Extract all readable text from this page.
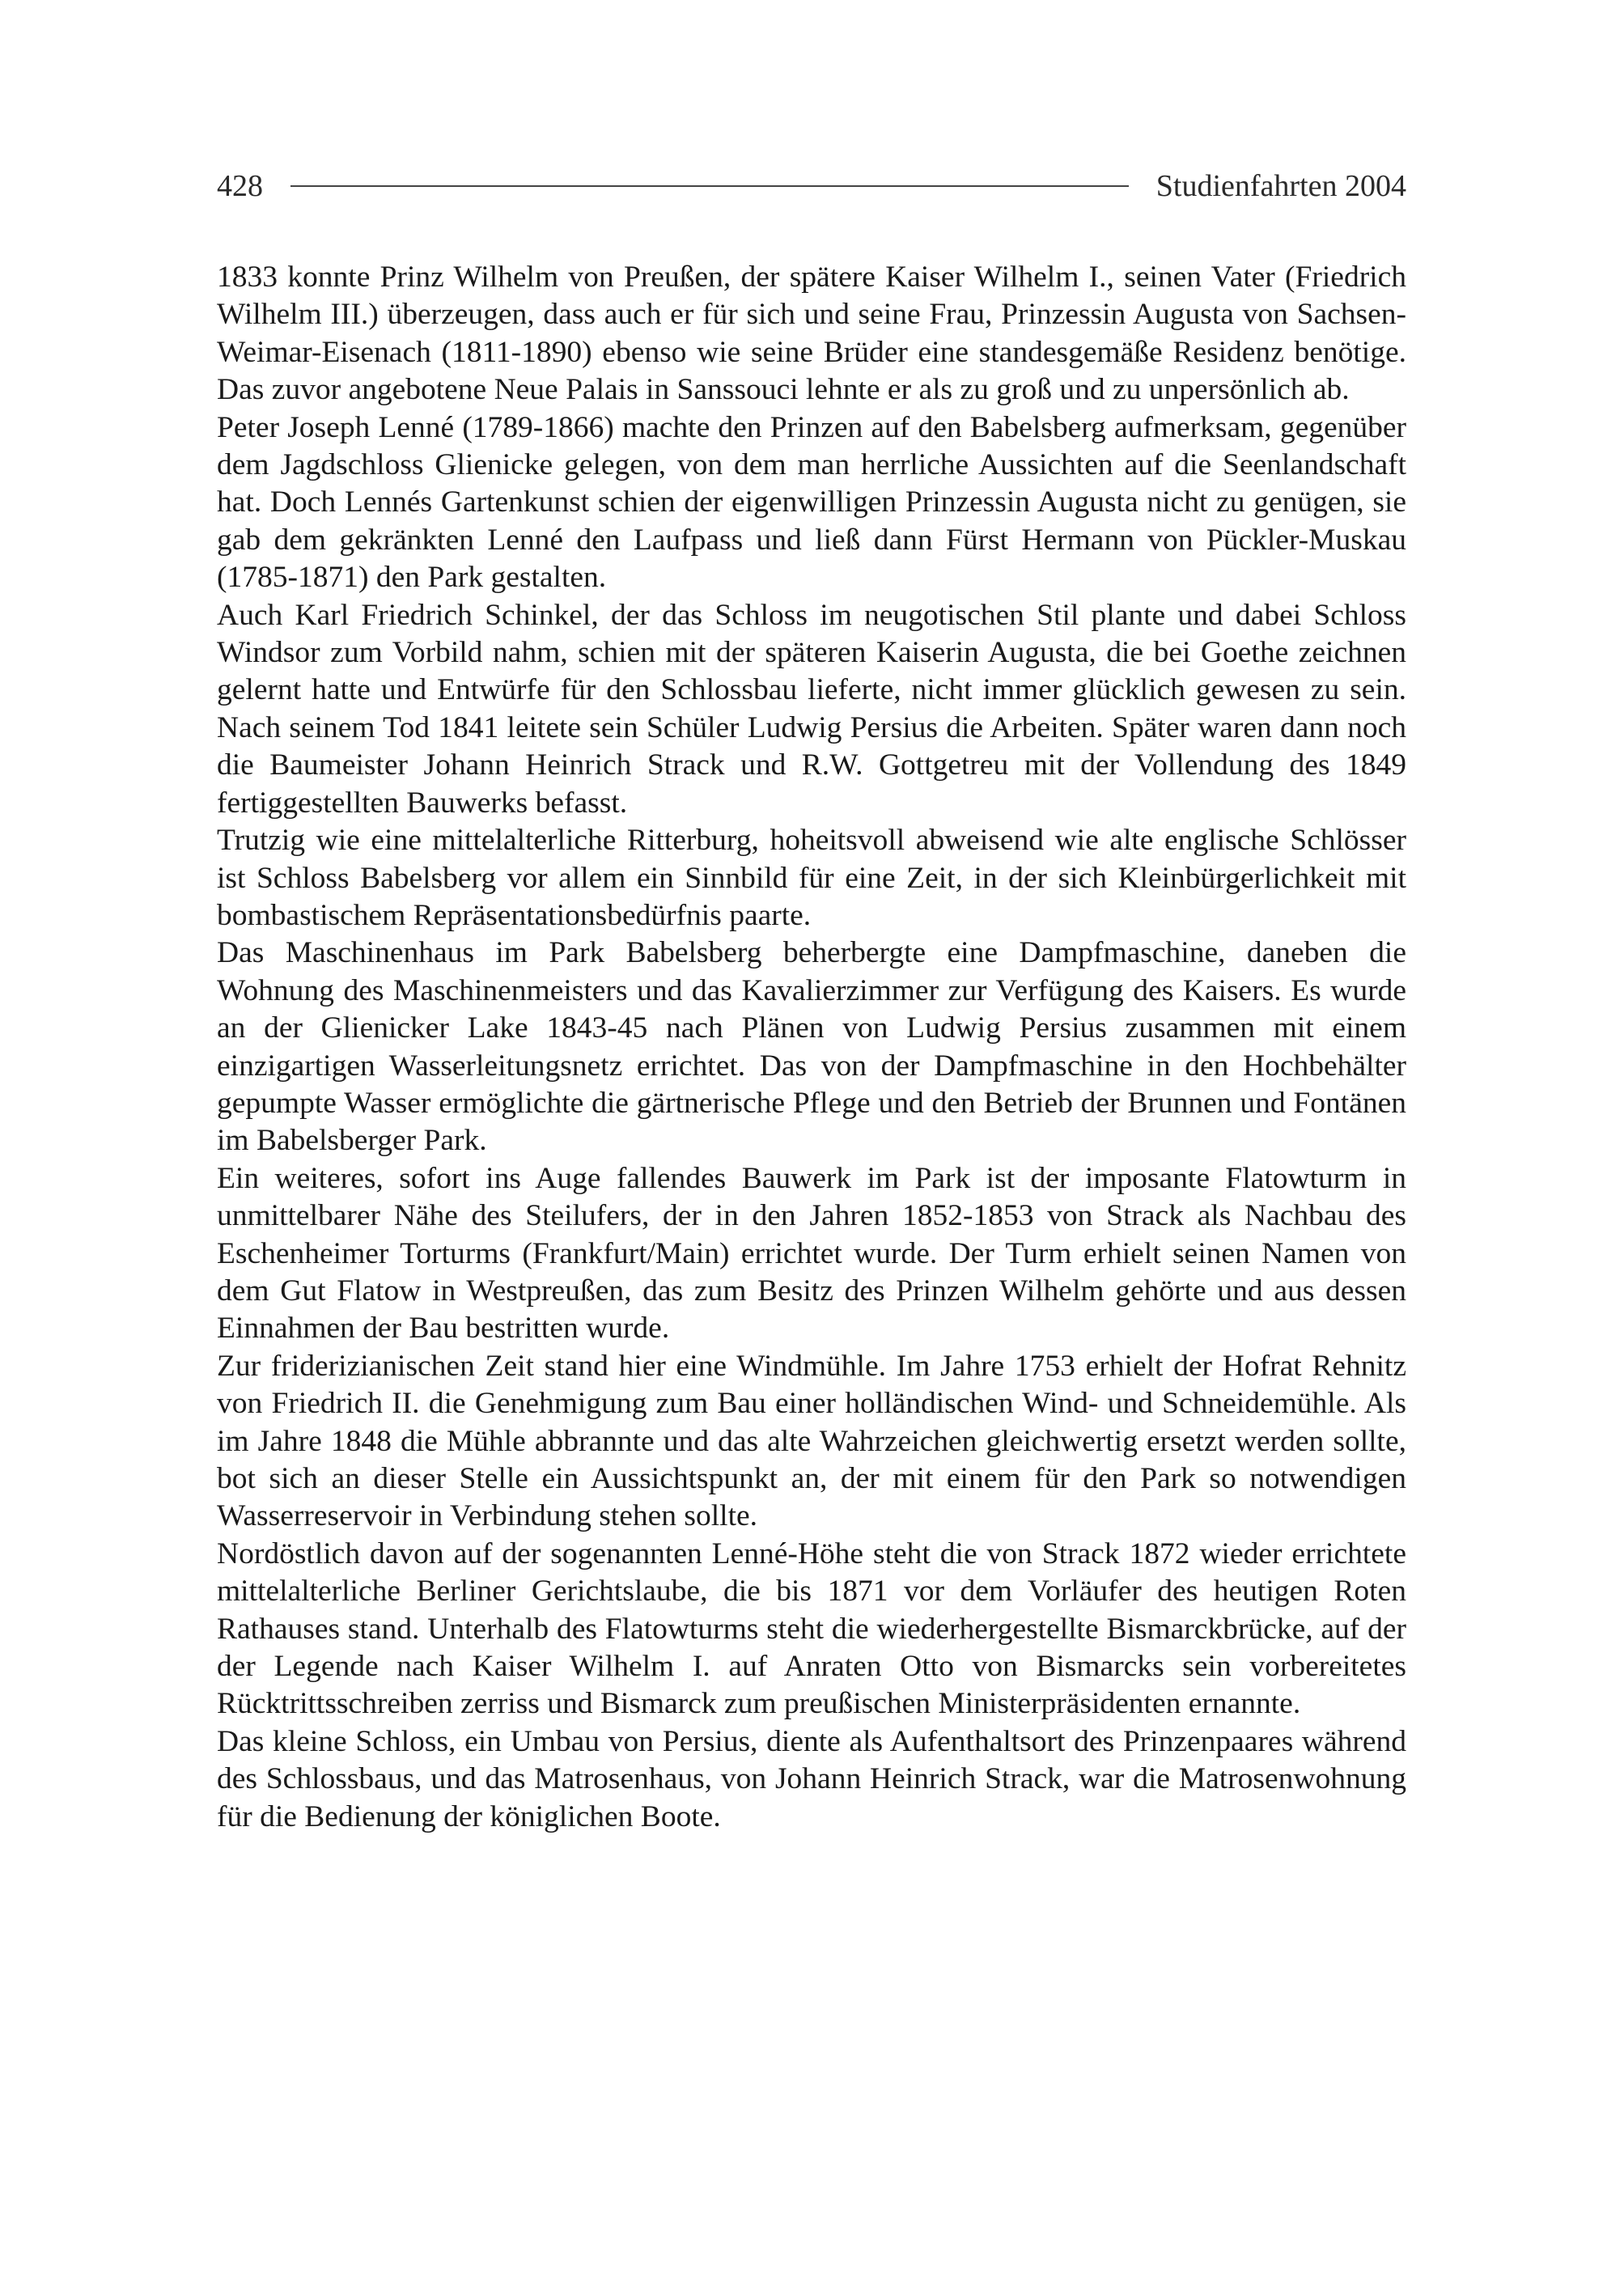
428	Studienfahrten 2004

1833 konnte Prinz Wilhelm von Preußen, der spätere Kaiser Wilhelm I., seinen Vater (Friedrich Wilhelm III.) überzeugen, dass auch er für sich und seine Frau, Prinzessin Augusta von Sachsen-Weimar-Eisenach (1811-1890) ebenso wie seine Brüder eine standesgemäße Residenz benötige. Das zuvor angebotene Neue Palais in Sanssouci lehnte er als zu groß und zu unpersönlich ab.

Peter Joseph Lenné (1789-1866) machte den Prinzen auf den Babelsberg aufmerksam, gegenüber dem Jagdschloss Glienicke gelegen, von dem man herrliche Aussichten auf die Seenlandschaft hat. Doch Lennés Gartenkunst schien der eigenwilligen Prinzessin Augusta nicht zu genügen, sie gab dem gekränkten Lenné den Laufpass und ließ dann Fürst Hermann von Pückler-Muskau (1785-1871) den Park gestalten.

Auch Karl Friedrich Schinkel, der das Schloss im neugotischen Stil plante und dabei Schloss Windsor zum Vorbild nahm, schien mit der späteren Kaiserin Augusta, die bei Goethe zeichnen gelernt hatte und Entwürfe für den Schlossbau lieferte, nicht immer glücklich gewesen zu sein. Nach seinem Tod 1841 leitete sein Schüler Ludwig Persius die Arbeiten. Später waren dann noch die Baumeister Johann Heinrich Strack und R.W. Gottgetreu mit der Vollendung des 1849 fertiggestellten Bauwerks befasst.

Trutzig wie eine mittelalterliche Ritterburg, hoheitsvoll abweisend wie alte englische Schlösser ist Schloss Babelsberg vor allem ein Sinnbild für eine Zeit, in der sich Kleinbürgerlichkeit mit bombastischem Repräsentationsbedürfnis paarte.

Das Maschinenhaus im Park Babelsberg beherbergte eine Dampfmaschine, daneben die Wohnung des Maschinenmeisters und das Kavalierzimmer zur Verfügung des Kaisers. Es wurde an der Glienicker Lake 1843-45 nach Plänen von Ludwig Persius zusammen mit einem einzigartigen Wasserleitungsnetz errichtet. Das von der Dampfmaschine in den Hochbehälter gepumpte Wasser ermöglichte die gärtnerische Pflege und den Betrieb der Brunnen und Fontänen im Babelsberger Park.

Ein weiteres, sofort ins Auge fallendes Bauwerk im Park ist der imposante Flatowturm in unmittelbarer Nähe des Steilufers, der in den Jahren 1852-1853 von Strack als Nachbau des Eschenheimer Torturms (Frankfurt/Main) errichtet wurde. Der Turm erhielt seinen Namen von dem Gut Flatow in Westpreußen, das zum Besitz des Prinzen Wilhelm gehörte und aus dessen Einnahmen der Bau bestritten wurde.

Zur friderizianischen Zeit stand hier eine Windmühle. Im Jahre 1753 erhielt der Hofrat Rehnitz von Friedrich II. die Genehmigung zum Bau einer holländischen Wind- und Schneidemühle. Als im Jahre 1848 die Mühle abbrannte und das alte Wahrzeichen gleichwertig ersetzt werden sollte, bot sich an dieser Stelle ein Aussichtspunkt an, der mit einem für den Park so notwendigen Wasserreservoir in Verbindung stehen sollte.

Nordöstlich davon auf der sogenannten Lenné-Höhe steht die von Strack 1872 wieder errichtete mittelalterliche Berliner Gerichtslaube, die bis 1871 vor dem Vorläufer des heutigen Roten Rathauses stand. Unterhalb des Flatowturms steht die wiederhergestellte Bismarckbrücke, auf der der Legende nach Kaiser Wilhelm I. auf Anraten Otto von Bismarcks sein vorbereitetes Rücktrittsschreiben zerriss und Bismarck zum preußischen Ministerpräsidenten ernannte.

Das kleine Schloss, ein Umbau von Persius, diente als Aufenthaltsort des Prinzenpaares während des Schlossbaus, und das Matrosenhaus, von Johann Heinrich Strack, war die Matrosenwohnung für die Bedienung der königlichen Boote.
